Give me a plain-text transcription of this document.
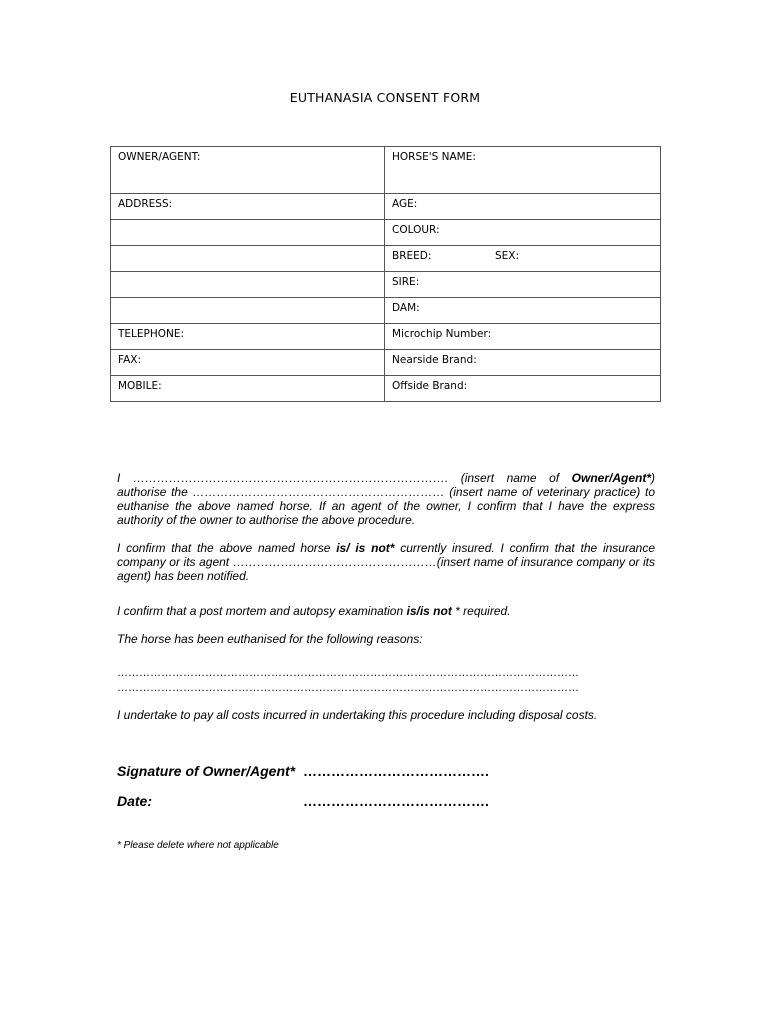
EUTHANASIA CONSENT FORM
OWNER/AGENT:	HORSE'S NAME:
ADDRESS:	AGE:
	COLOUR:

	BREED: SEX:

	SIRE:
	DAM:
TELEPHONE:	Microchip Number:
FAX:	Nearside Brand:
MOBILE:	Offside Brand:
I ……………………………………………………………………. (insert name of Owner/Agent*) authorise the ……………………………………………………… (insert name of veterinary practice) to euthanise the above named horse. If an agent of the owner, I confirm that I have the express authority of the owner to authorise the above procedure.
I confirm that the above named horse is/ is not* currently insured. I confirm that the insurance company or its agent ……………………………………………(insert name of insurance company or its agent) has been notified.
I confirm that a post mortem and autopsy examination is/is not * required.
The horse has been euthanised for the following reasons:
………………………………………………………………………………………………………………
………………………………………………………………………………………………………………
I undertake to pay all costs incurred in undertaking this procedure including disposal costs.
Signature of Owner/Agent* ………………………………….
Date:	………………………………….
* Please delete where not applicable
